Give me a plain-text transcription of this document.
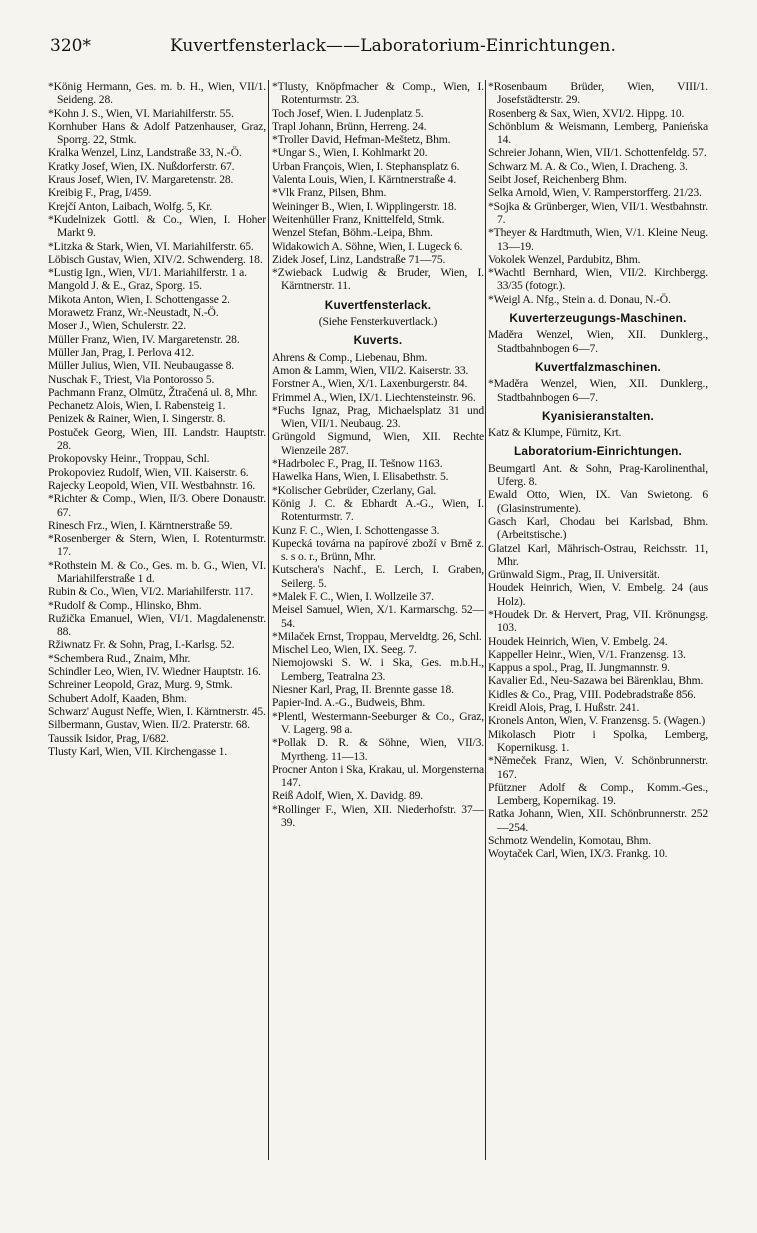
320*	Kuvertfensterlack——Laboratorium-Einrichtungen.
*König Hermann, Ges. m. b. H., Wien, VII/1. Seideng. 28.
*Kohn J. S., Wien, VI. Mariahilferstr. 55.
Kornhuber Hans & Adolf Patzenhauser, Graz, Sporrg. 22, Stmk.
Kralka Wenzel, Linz, Landstraße 33, N.-Ö.
Kratky Josef, Wien, IX. Nußdorferstr. 67.
Kraus Josef, Wien, IV. Margaretenstr. 28.
Kreibig F., Prag, I/459.
Krejčí Anton, Laibach, Wolfg. 5, Kr.
*Kudelnizek Gottl. & Co., Wien, I. Hoher Markt 9.
*Litzka & Stark, Wien, VI. Mariahilferstr. 65.
Löbisch Gustav, Wien, XIV/2. Schwenderg. 18.
*Lustig Ign., Wien, VI/1. Mariahilferstr. 1 a.
Mangold J. & E., Graz, Sporg. 15.
Mikota Anton, Wien, I. Schottengasse 2.
Morawetz Franz, Wr.-Neustadt, N.-Ö.
Moser J., Wien, Schulerstr. 22.
Müller Franz, Wien, IV. Margaretenstr. 28.
Müller Jan, Prag, I. Perlova 412.
Müller Julius, Wien, VII. Neubaugasse 8.
Nuschak F., Triest, Via Pontorosso 5.
Pachmann Franz, Olmütz, Žtračená ul. 8, Mhr.
Pechanetz Alois, Wien, I. Rabensteig 1.
Penizek & Rainer, Wien, I. Singerstr. 8.
Postuček Georg, Wien, III. Landstr. Hauptstr. 28.
Prokopovsky Heinr., Troppau, Schl.
Prokopoviez Rudolf, Wien, VII. Kaiserstr. 6.
Rajecky Leopold, Wien, VII. Westbahnstr. 16.
*Richter & Comp., Wien, II/3. Obere Donaustr. 67.
Rinesch Frz., Wien, I. Kärntnerstraße 59.
*Rosenberger & Stern, Wien, I. Rotenturmstr. 17.
*Rothstein M. & Co., Ges. m. b. G., Wien, VI. Mariahilferstraße 1 d.
Rubin & Co., Wien, VI/2. Mariahilferstr. 117.
*Rudolf & Comp., Hlinsko, Bhm.
Ružička Emanuel, Wien, VI/1. Magdalenenstr. 88.
Ržiwnatz Fr. & Sohn, Prag, I.-Karlsg. 52.
*Schembera Rud., Znaim, Mhr.
Schindler Leo, Wien, IV. Wiedner Hauptstr. 16.
Schreiner Leopold, Graz, Murg. 9, Stmk.
Schubert Adolf, Kaaden, Bhm.
Schwarz' August Neffe, Wien, I. Kärntnerstr. 45.
Silbermann, Gustav, Wien. II/2. Praterstr. 68.
Taussik Isidor, Prag, I/682.
Tlusty Karl, Wien, VII. Kirchengasse 1.
*Tlusty, Knöpfmacher & Comp., Wien, I. Rotenturmstr. 23.
Toch Josef, Wien. I. Judenplatz 5.
Trapl Johann, Brünn, Herreng. 24.
*Troller David, Hefman-Meštetz, Bhm.
*Ungar S., Wien, I. Kohlmarkt 20.
Urban François, Wien, I. Stephansplatz 6.
Valenta Louis, Wien, I. Kärntnerstraße 4.
*Vlk Franz, Pilsen, Bhm.
Weininger B., Wien, I. Wipplingerstr. 18.
Weitenhüller Franz, Knittelfeld, Stmk.
Wenzel Stefan, Böhm.-Leipa, Bhm.
Widakowich A. Söhne, Wien, I. Lugeck 6.
Zidek Josef, Linz, Landstraße 71—75.
*Zwieback Ludwig & Bruder, Wien, I. Kärntnerstr. 11.
Kuvertfensterlack.
(Siehe Fensterkuvertlack.)
Kuverts.
Ahrens & Comp., Liebenau, Bhm.
Amon & Lamm, Wien, VII/2. Kaiserstr. 33.
Forstner A., Wien, X/1. Laxenburgerstr. 84.
Frimmel A., Wien, IX/1. Liechtensteinstr. 96.
*Fuchs Ignaz, Prag, Michaelsplatz 31 und Wien, VII/1. Neubaug. 23.
Grüngold Sigmund, Wien, XII. Rechte Wienzeile 287.
*Hadrbolec F., Prag, II. Tešnow 1163.
Hawelka Hans, Wien, I. Elisabethstr. 5.
*Kolischer Gebrüder, Czerlany, Gal.
König J. C. & Ebhardt A.-G., Wien, I. Rotenturmstr. 7.
Kunz F. C., Wien, I. Schottengasse 3.
Kupecká továrna na papírové zboží v Brně z. s. s o. r., Brünn, Mhr.
Kutschera's Nachf., E. Lerch, I. Graben, Seilerg. 5.
*Malek F. C., Wien, I. Wollzeile 37.
Meisel Samuel, Wien, X/1. Karmarschg. 52—54.
*Milaček Ernst, Troppau, Merveldtg. 26, Schl.
Mischel Leo, Wien, IX. Seeg. 7.
Niemojowski S. W. i Ska, Ges. m.b.H., Lemberg, Teatralna 23.
Niesner Karl, Prag, II. Brennte gasse 18.
Papier-Ind. A.-G., Budweis, Bhm.
*Plentl, Westermann-Seeburger & Co., Graz, V. Lagerg. 98 a.
*Pollak D. R. & Söhne, Wien, VII/3. Myrtheng. 11—13.
Procner Anton i Ska, Krakau, ul. Morgensterna 147.
Reiß Adolf, Wien, X. Davidg. 89.
*Rollinger F., Wien, XII. Niederhofstr. 37—39.
*Rosenbaum Brüder, Wien, VIII/1. Josefstädterstr. 29.
Rosenberg & Sax, Wien, XVI/2. Hippg. 10.
Schönblum & Weismann, Lemberg, Panieńska 14.
Schreier Johann, Wien, VII/1. Schottenfeldg. 57.
Schwarz M. A. & Co., Wien, I. Dracheng. 3.
Seibt Josef, Reichenberg Bhm.
Selka Arnold, Wien, V. Ramperstorfferg. 21/23.
*Sojka & Grünberger, Wien, VII/1. Westbahnstr. 7.
*Theyer & Hardtmuth, Wien, V/1. Kleine Neug. 13—19.
Vokolek Wenzel, Pardubitz, Bhm.
*Wachtl Bernhard, Wien, VII/2. Kirchbergg. 33/35 (fotogr.).
*Weigl A. Nfg., Stein a. d. Donau, N.-Ö.
Kuverterzeugungs-Maschinen.
Maděra Wenzel, Wien, XII. Dunklerg., Stadtbahnbogen 6—7.
Kuvertfalzmaschinen.
*Maděra Wenzel, Wien, XII. Dunklerg., Stadtbahnbogen 6—7.
Kyanisieranstalten.
Katz & Klumpe, Fürnitz, Krt.
Laboratorium-Einrichtungen.
Beumgartl Ant. & Sohn, Prag-Karolinenthal, Uferg. 8.
Ewald Otto, Wien, IX. Van Swietong. 6 (Glasinstrumente).
Gasch Karl, Chodau bei Karlsbad, Bhm. (Arbeitstische.)
Glatzel Karl, Mährisch-Ostrau, Reichsstr. 11, Mhr.
Grünwald Sigm., Prag, II. Universität.
Houdek Heinrich, Wien, V. Embelg. 24 (aus Holz).
*Houdek Dr. & Hervert, Prag, VII. Krönungsg. 103.
Houdek Heinrich, Wien, V. Embelg. 24.
Kappeller Heinr., Wien, V/1. Franzensg. 13.
Kappus a spol., Prag, II. Jungmannstr. 9.
Kavalier Ed., Neu-Sazawa bei Bärenklau, Bhm.
Kidles & Co., Prag, VIII. Podebradstraße 856.
Kreidl Alois, Prag, I. Hußstr. 241.
Kronels Anton, Wien, V. Franzensg. 5. (Wagen.)
Mikolasch Piotr i Spolka, Lemberg, Kopernikusg. 1.
*Němeček Franz, Wien, V. Schönbrunnerstr. 167.
Pfützner Adolf & Comp., Komm.-Ges., Lemberg, Kopernikag. 19.
Ratka Johann, Wien, XII. Schönbrunnerstr. 252—254.
Schmotz Wendelin, Komotau, Bhm.
Woytaček Carl, Wien, IX/3. Frankg. 10.
